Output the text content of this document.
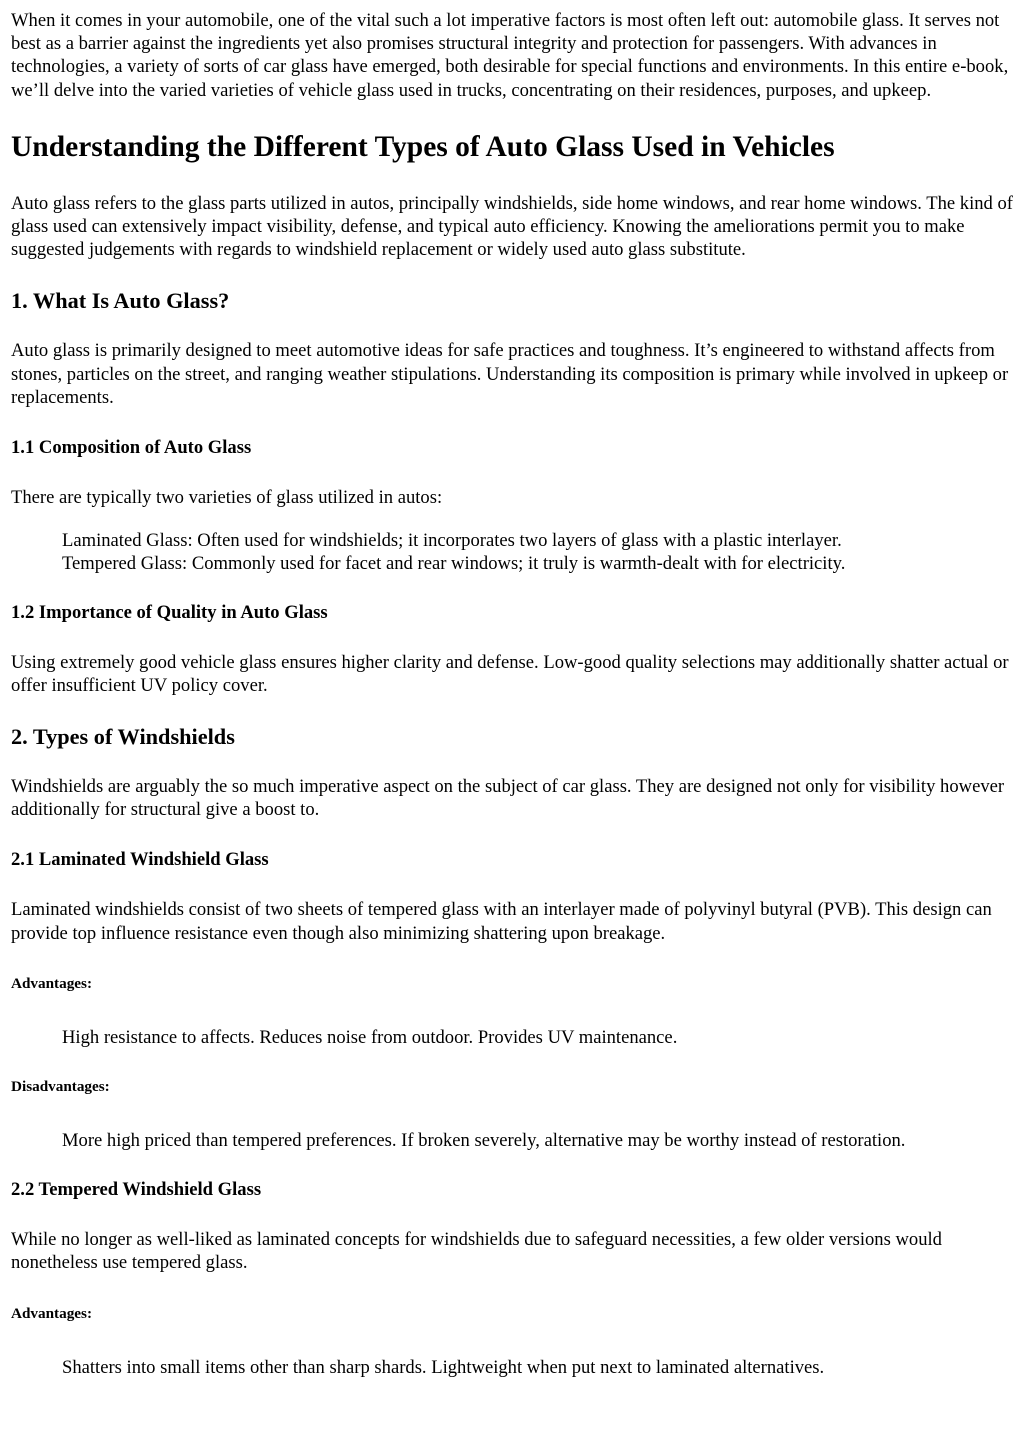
When it comes in your automobile, one of the vital such a lot imperative factors is most often left out: automobile glass. It serves not best as a barrier against the ingredients yet also promises structural integrity and protection for passengers. With advances in technologies, a variety of sorts of car glass have emerged, both desirable for special functions and environments. In this entire e-book, we’ll delve into the varied varieties of vehicle glass used in trucks, concentrating on their residences, purposes, and upkeep.

Understanding the Different Types of Auto Glass Used in Vehicles

Auto glass refers to the glass parts utilized in autos, principally windshields, side home windows, and rear home windows. The kind of glass used can extensively impact visibility, defense, and typical auto efficiency. Knowing the ameliorations permit you to make suggested judgements with regards to windshield replacement or widely used auto glass substitute.

1. What Is Auto Glass?

Auto glass is primarily designed to meet automotive ideas for safe practices and toughness. It’s engineered to withstand affects from stones, particles on the street, and ranging weather stipulations. Understanding its composition is primary while involved in upkeep or replacements.

1.1 Composition of Auto Glass

There are typically two varieties of glass utilized in autos:

Laminated Glass: Often used for windshields; it incorporates two layers of glass with a plastic interlayer.
Tempered Glass: Commonly used for facet and rear windows; it truly is warmth-dealt with for electricity.
1.2 Importance of Quality in Auto Glass

Using extremely good vehicle glass ensures higher clarity and defense. Low-good quality selections may additionally shatter actual or offer insufficient UV policy cover.

2. Types of Windshields

Windshields are arguably the so much imperative aspect on the subject of car glass. They are designed not only for visibility however additionally for structural give a boost to.

2.1 Laminated Windshield Glass

Laminated windshields consist of two sheets of tempered glass with an interlayer made of polyvinyl butyral (PVB). This design can provide top influence resistance even though also minimizing shattering upon breakage.

Advantages:
High resistance to affects. Reduces noise from outdoor. Provides UV maintenance.
Disadvantages:
More high priced than tempered preferences. If broken severely, alternative may be worthy instead of restoration.
2.2 Tempered Windshield Glass

While no longer as well-liked as laminated concepts for windshields due to safeguard necessities, a few older versions would nonetheless use tempered glass.

Advantages:
Shatters into small items other than sharp shards. Lightweight when put next to laminated alternatives.
